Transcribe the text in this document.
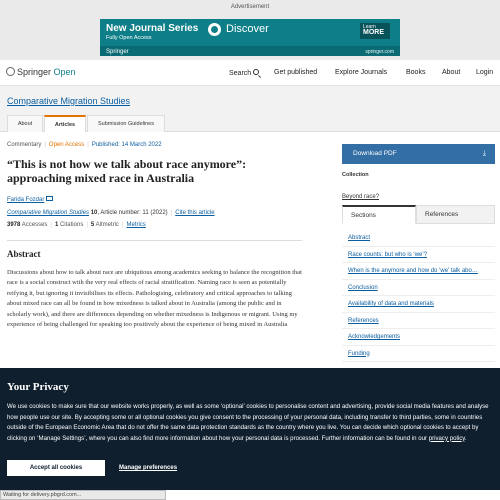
Advertisement
New Journal Series
Fully Open Access
Discover	Learn
MORE
Springer	springer.com
Springer Open	Search	Get published	Explore Journals	Books About Login
Comparative Migration Studies
About	Articles	Submission Guidelines
Commentary | Open Access | Published: 14 March 2022
“This is not how we talk about race anymore”: approaching mixed race in Australia
Farida Fozdar
Comparative Migration Studies 10, Article number: 11 (2022) | Cite this article
3978 Accesses | 1 Citations | 5 Altmetric | Metrics
Abstract

Discussions about how to talk about race are ubiquitous among academics seeking to balance the recognition that race is a social construct with the very real effects of racial stratification. Naming race is seen as potentially reifying it, but ignoring it invisibilises its effects. Pathologising, celebratory and critical approaches to talking about mixed race can all be found in how mixedness is talked about in Australia (among the public and in scholarly work), and there are differences depending on whether mixedness is Indigenous or migrant. Using my experience of being challenged for speaking too positively about the experience of being mixed in Australia

Download PDF	⤓
Collection
Beyond race?
Sections	References
Abstract
Race counts: but who is ‘we’?
When is the anymore and how do ‘we’ talk abo…
Conclusion
Availability of data and materials
References
Acknowledgements
Funding
Your Privacy

We use cookies to make sure that our website works properly, as well as some ‘optional’ cookies to personalise content and advertising, provide social media features and analyse how people use our site. By accepting some or all optional cookies you give consent to the processing of your personal data, including transfer to third parties, some in countries outside of the European Economic Area that do not offer the same data protection standards as the country where you live. You can decide which optional cookies to accept by clicking on ‘Manage Settings’, where you can also find more information about how your personal data is processed. Further information can be found in our privacy policy.

Accept all cookies	Manage preferences
Waiting for delivery.pbgrd.com...
